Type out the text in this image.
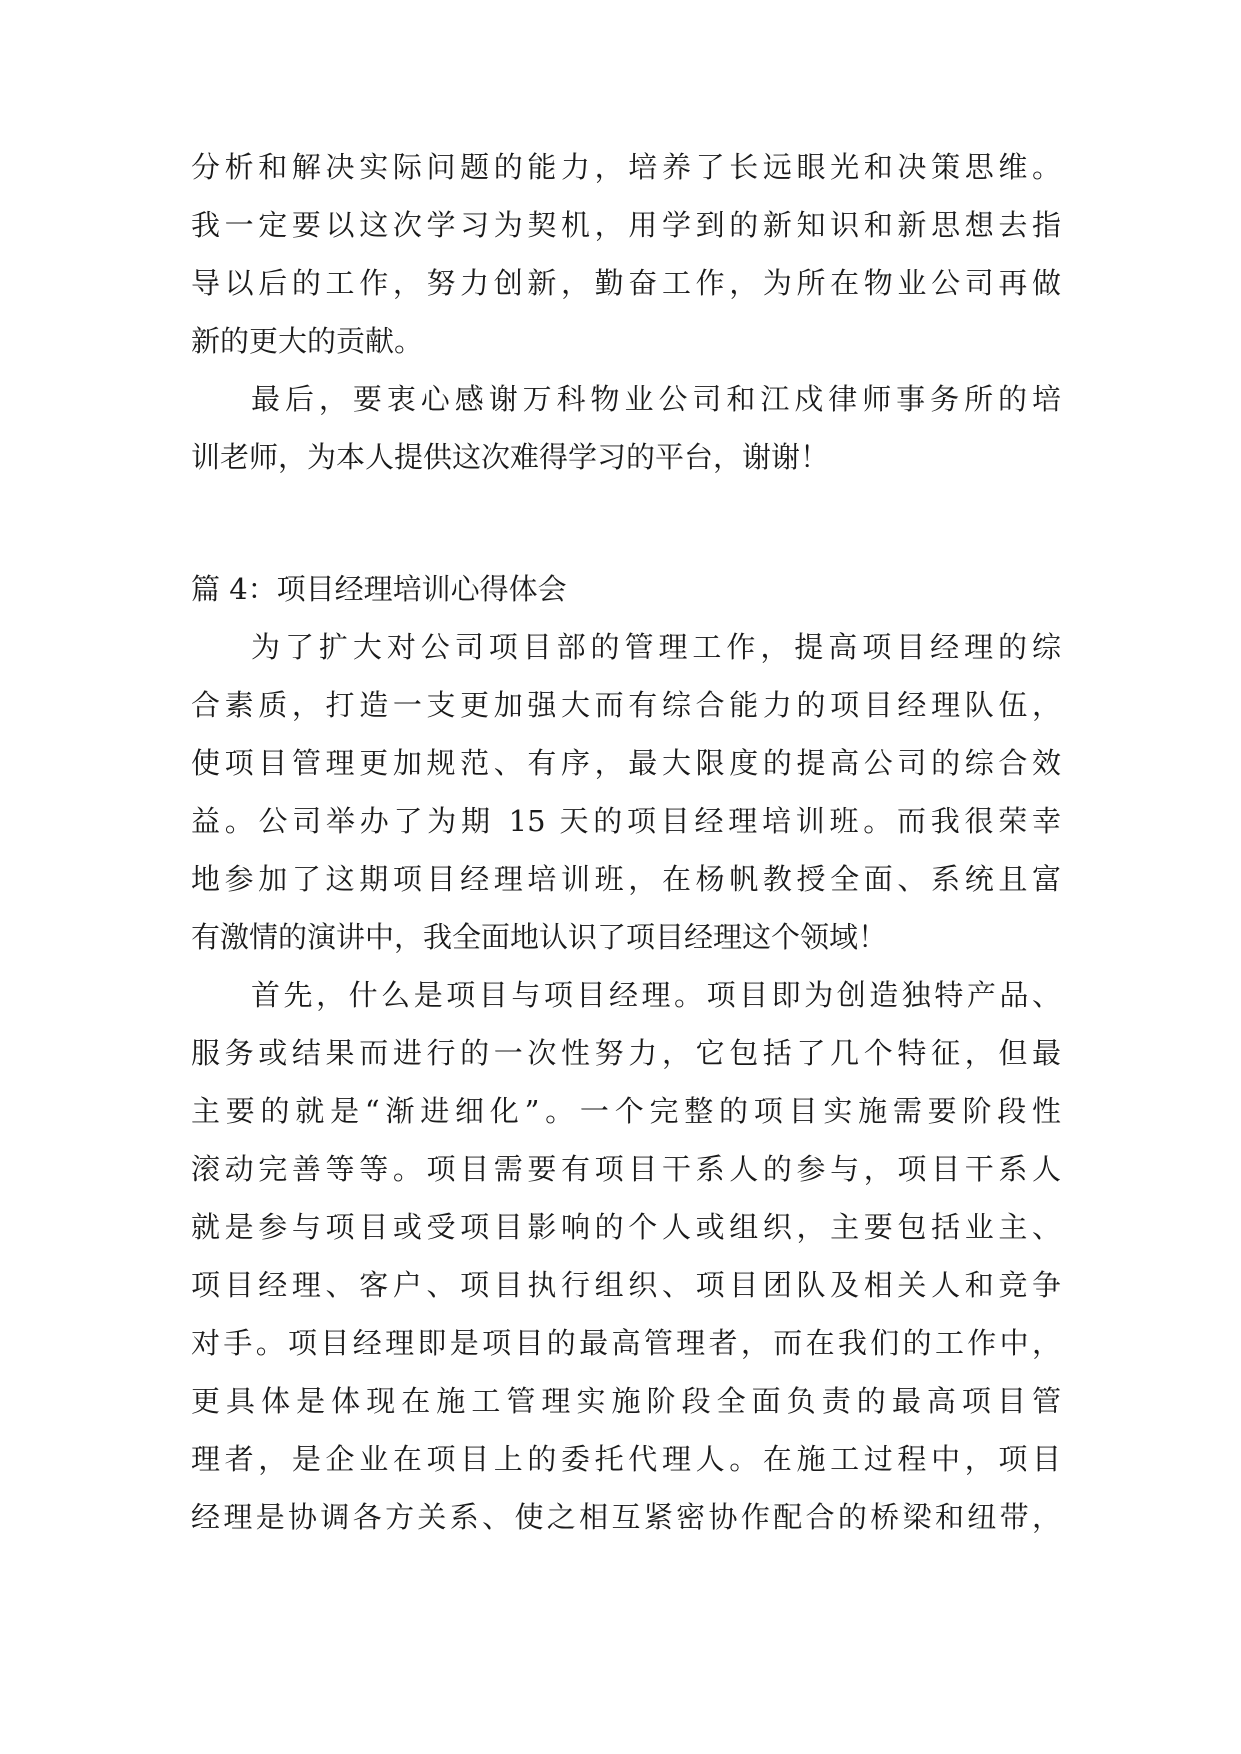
分析和解决实际问题的能力，培养了长远眼光和决策思维。
我一定要以这次学习为契机，用学到的新知识和新思想去指
导以后的工作，努力创新，勤奋工作，为所在物业公司再做
新的更大的贡献。
最后，要衷心感谢万科物业公司和江戍律师事务所的培
训老师，为本人提供这次难得学习的平台，谢谢！
篇 4：项目经理培训心得体会
为了扩大对公司项目部的管理工作，提高项目经理的综
合素质，打造一支更加强大而有综合能力的项目经理队伍，
使项目管理更加规范、有序，最大限度的提高公司的综合效
益。公司举办了为期 15 天的项目经理培训班。而我很荣幸
地参加了这期项目经理培训班，在杨帆教授全面、系统且富
有激情的演讲中，我全面地认识了项目经理这个领域！
首先，什么是项目与项目经理。项目即为创造独特产品、
服务或结果而进行的一次性努力，它包括了几个特征，但最
主要的就是“渐进细化”。一个完整的项目实施需要阶段性
滚动完善等等。项目需要有项目干系人的参与，项目干系人
就是参与项目或受项目影响的个人或组织，主要包括业主、
项目经理、客户、项目执行组织、项目团队及相关人和竞争
对手。项目经理即是项目的最高管理者，而在我们的工作中，
更具体是体现在施工管理实施阶段全面负责的最高项目管
理者，是企业在项目上的委托代理人。在施工过程中，项目
经理是协调各方关系、使之相互紧密协作配合的桥梁和纽带，
